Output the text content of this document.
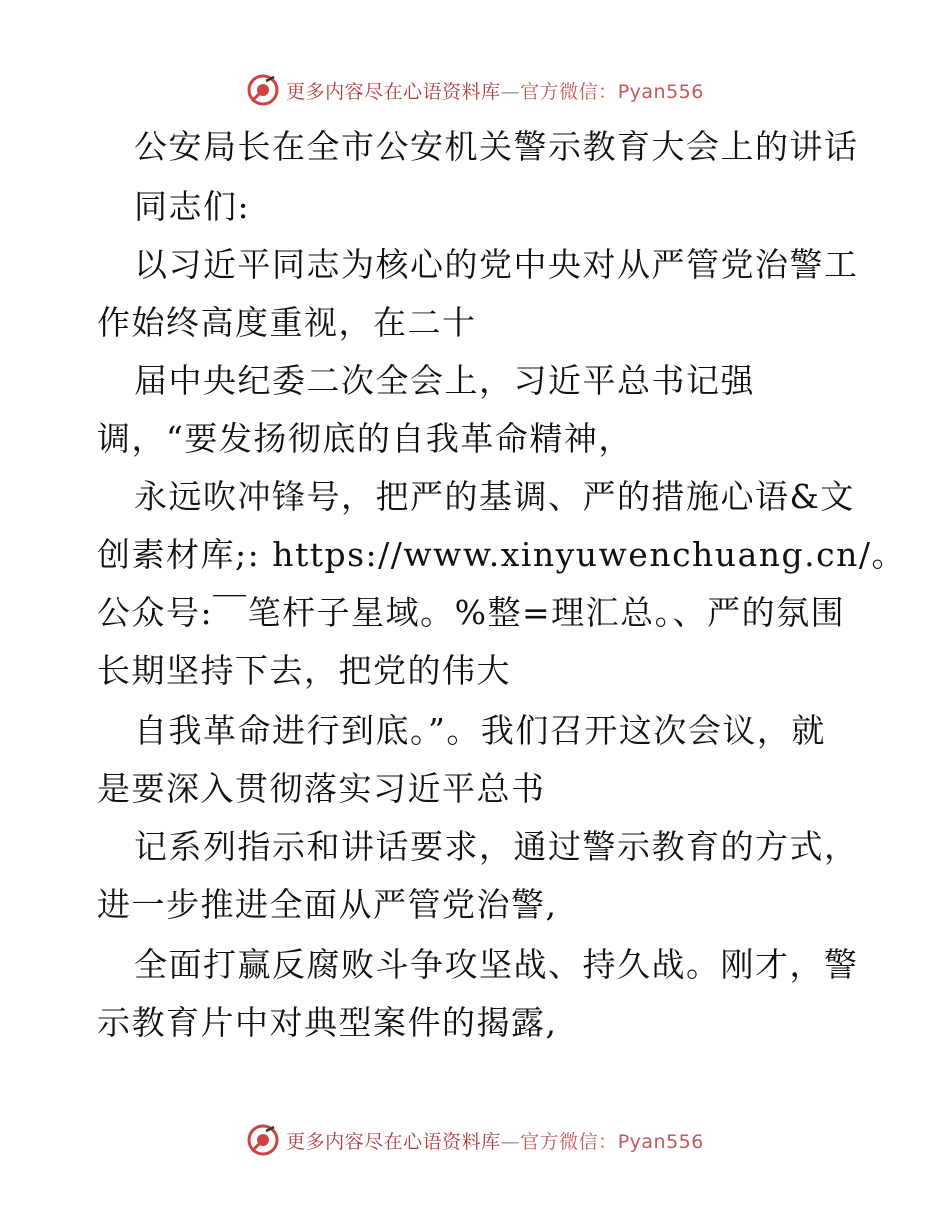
更多内容尽在心语资料库—官方微信：Pyan556
公安局长在全市公安机关警示教育大会上的讲话
同志们:
以习近平同志为核心的党中央对从严管党治警工
作始终高度重视，在二十
届中央纪委二次全会上，习近平总书记强
调，“要发扬彻底的自我革命精神，
永远吹冲锋号，把严的基调、严的措施心语&文
创素材库;: https://www.xinyuwenchuang.cn/。
公众号:￣笔杆子星域。%整=理汇总。、严的氛围
长期坚持下去，把党的伟大
自我革命进行到底。”。我们召开这次会议，就
是要深入贯彻落实习近平总书
记系列指示和讲话要求，通过警示教育的方式，
进一步推进全面从严管党治警,
全面打赢反腐败斗争攻坚战、持久战。刚才，警
示教育片中对典型案件的揭露,
更多内容尽在心语资料库—官方微信：Pyan556
